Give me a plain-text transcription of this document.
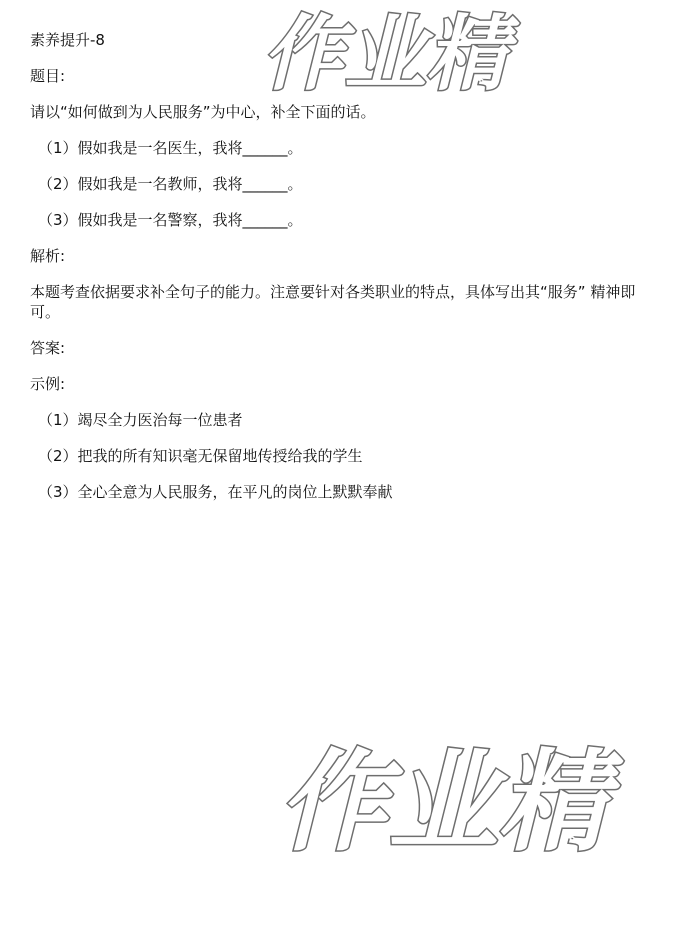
素养提升-8
题目:
请以“如何做到为人民服务”为中心，补全下面的话。
（1）假如我是一名医生，我将______。
（2）假如我是一名教师，我将______。
（3）假如我是一名警察，我将______。
解析:
本题考查依据要求补全句子的能力。注意要针对各类职业的特点，具体写出其“服务” 精神即可。
答案:
示例:
（1）竭尽全力医治每一位患者
（2）把我的所有知识毫无保留地传授给我的学生
（3）全心全意为人民服务，在平凡的岗位上默默奉献
作业精
作业精
